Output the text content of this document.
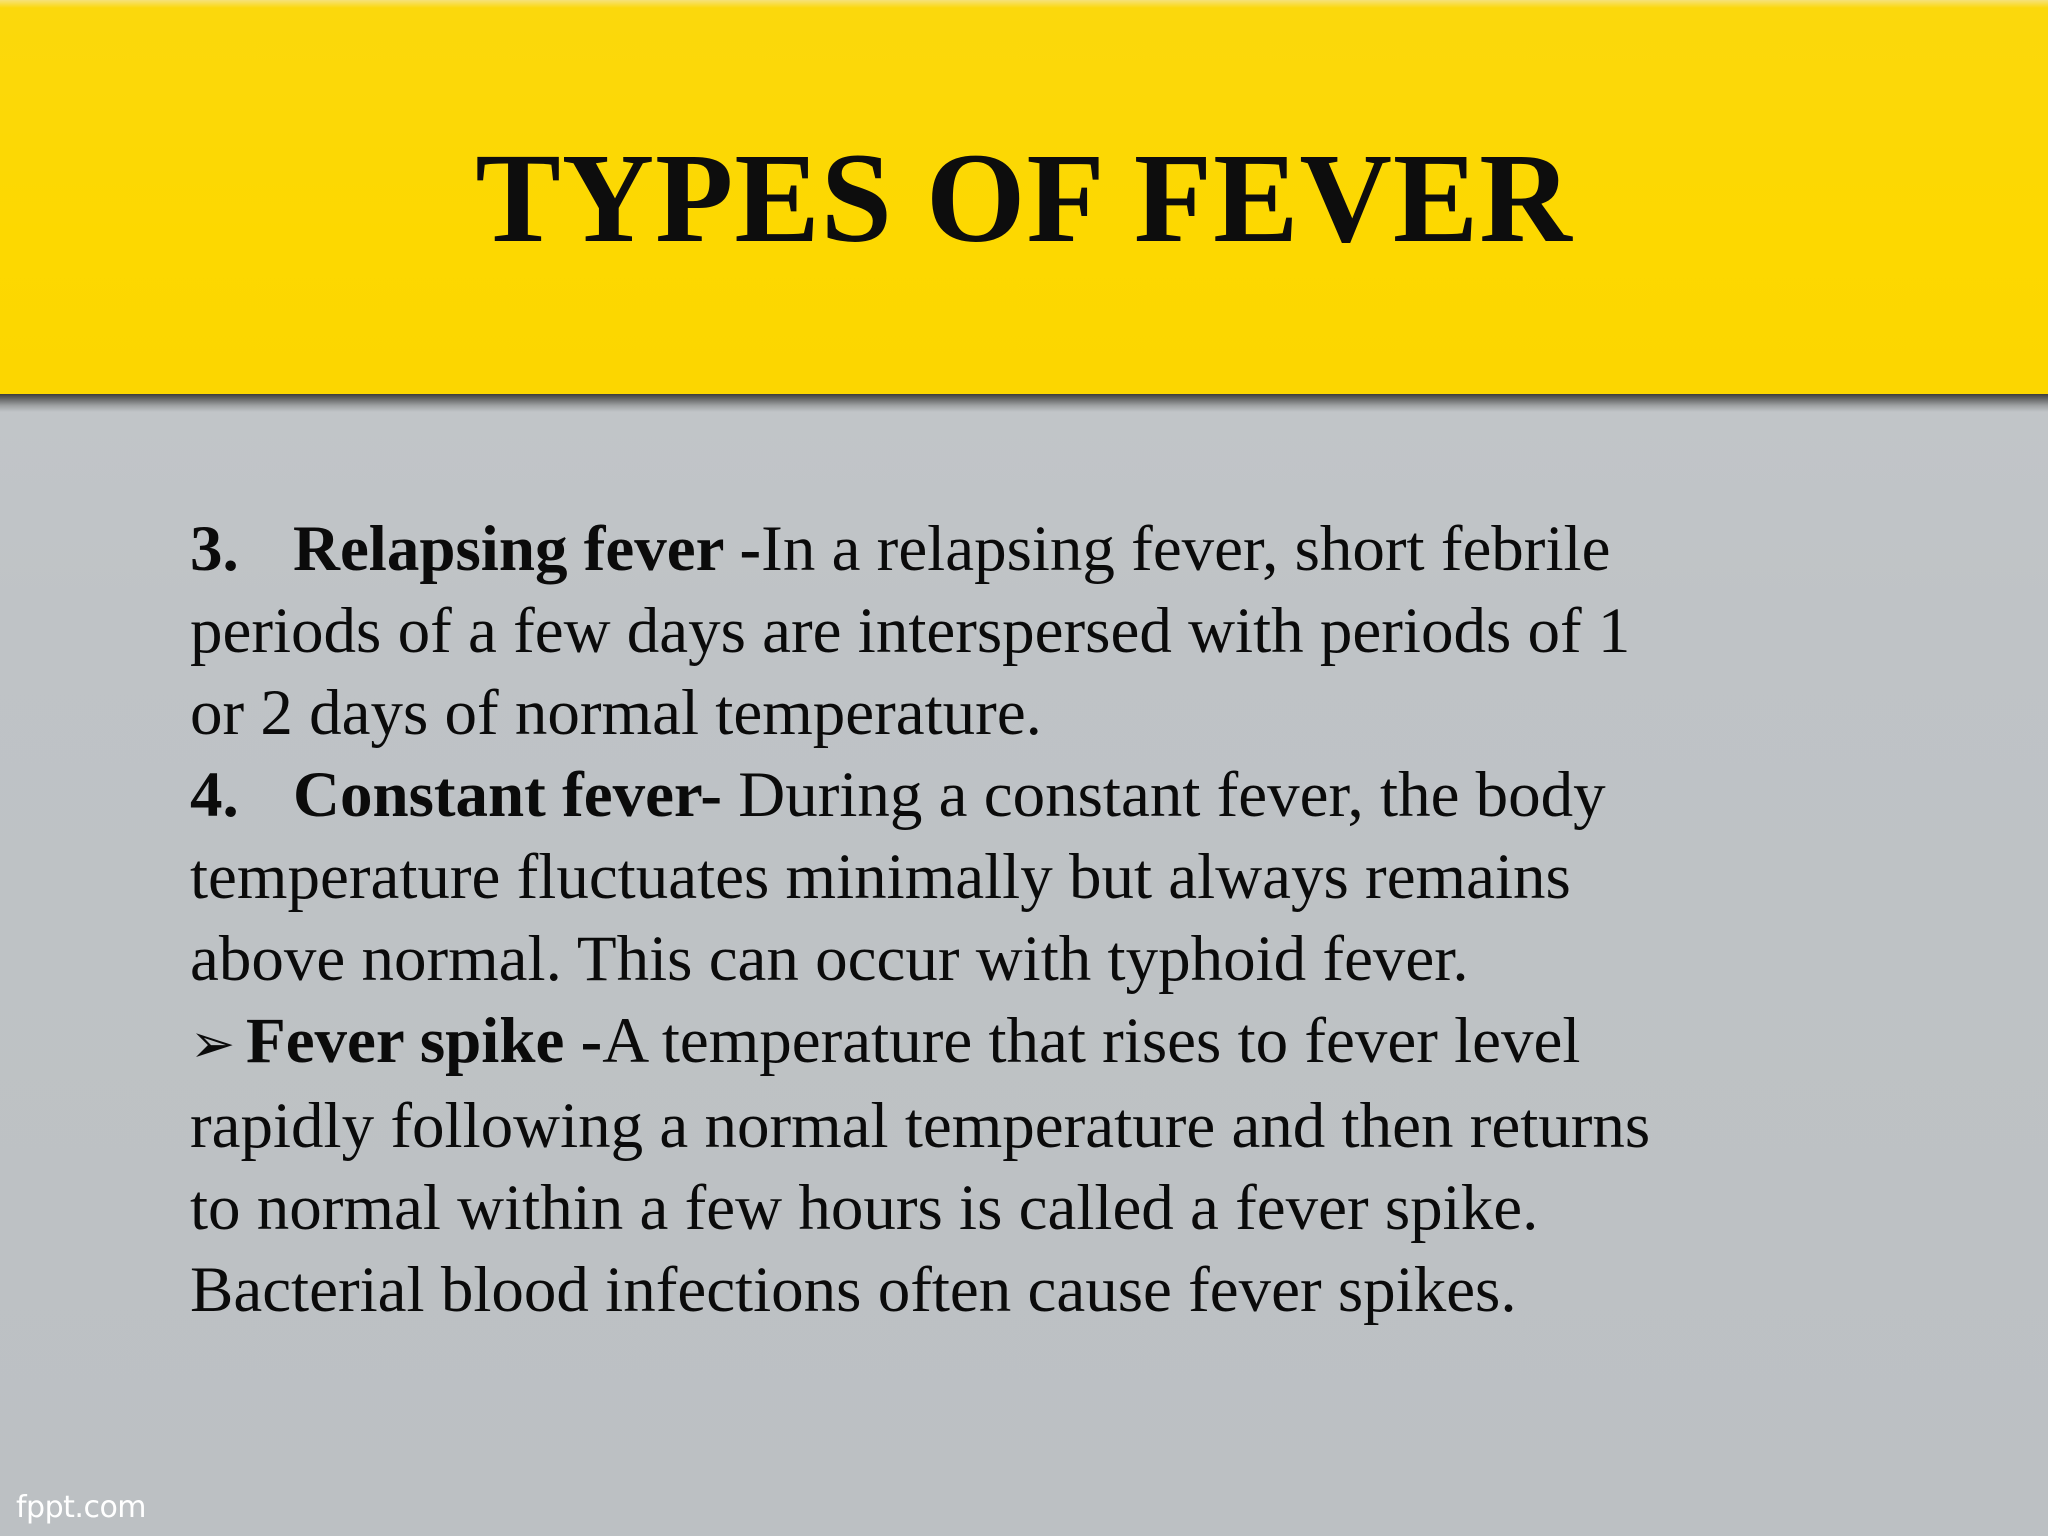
TYPES OF FEVER
3. Relapsing fever -In a relapsing fever, short febrile
periods of a few days are interspersed with periods of 1
or 2 days of normal temperature.
4. Constant fever- During a constant fever, the body
temperature fluctuates minimally but always remains
above normal. This can occur with typhoid fever.
➢ Fever spike -A temperature that rises to fever level
rapidly following a normal temperature and then returns
to normal within a few hours is called a fever spike.
Bacterial blood infections often cause fever spikes.
fppt.com
